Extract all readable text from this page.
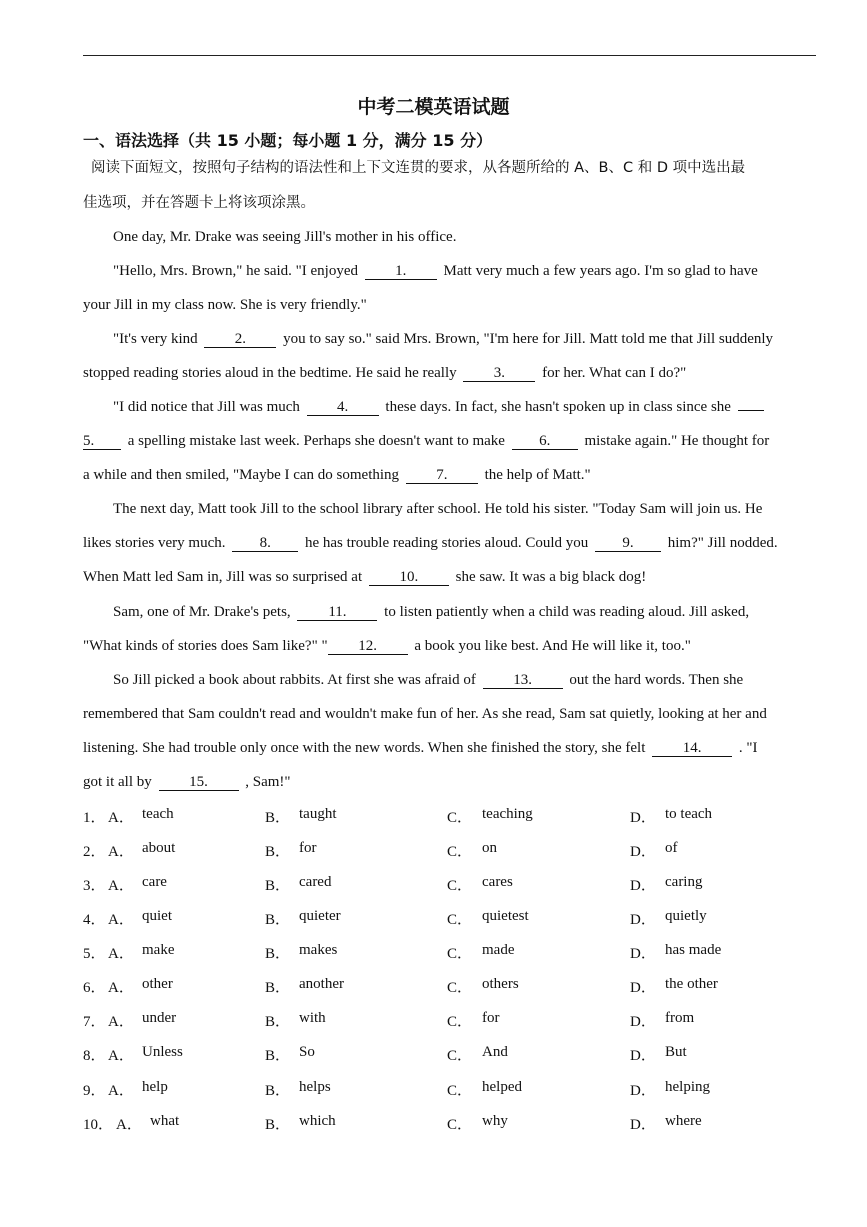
中考二模英语试题
一、语法选择（共 15 小题；每小题 1 分，满分 15 分）
阅读下面短文，按照句子结构的语法性和上下文连贯的要求，从各题所给的 A、B、C 和 D 项中选出最
佳选项，并在答题卡上将该项涂黑。
One day, Mr. Drake was seeing Jill's mother in his office.
"Hello, Mrs. Brown," he said. "I enjoyed 1. Matt very much a few years ago. I'm so glad to have
your Jill in my class now. She is very friendly."
"It's very kind 2. you to say so." said Mrs. Brown, "I'm here for Jill. Matt told me that Jill suddenly
stopped reading stories aloud in the bedtime. He said he really 3. for her. What can I do?"
"I did notice that Jill was much 4. these days. In fact, she hasn't spoken up in class since she
5. a spelling mistake last week. Perhaps she doesn't want to make 6. mistake again." He thought for
a while and then smiled, "Maybe I can do something 7. the help of Matt."
The next day, Matt took Jill to the school library after school. He told his sister. "Today Sam will join us. He
likes stories very much. 8. he has trouble reading stories aloud. Could you 9. him?" Jill nodded.
When Matt led Sam in, Jill was so surprised at 10. she saw. It was a big black dog!
Sam, one of Mr. Drake's pets,	11.	to listen patiently when a child was reading aloud. Jill asked,
"What kinds of stories does Sam like?" " 12. a book you like best. And He will like it, too."
So Jill picked a book about rabbits. At first she was afraid of 13. out the hard words. Then she
remembered that Sam couldn't read and wouldn't make fun of her. As she read, Sam sat quietly, looking at her and
listening. She had trouble only once with the new words. When she finished the story, she felt 14. . "I
got it all by 15. , Sam!"
1． A． teach	B． taught	C． teaching	D． to teach
2． A． about	B． for	C． on	D． of
3． A． care	B． cared	C． cares	D． caring
4． A． quiet	B． quieter	C． quietest	D． quietly
5． A． make	B． makes	C． made	D． has made
6． A． other	B． another	C． others	D． the other
7． A． under	B． with	C． for	D． from
8． A． Unless	B． So	C． And	D． But
9． A． help	B． helps	C． helped	D． helping
10． A． what	B． which	C． why	D． where
